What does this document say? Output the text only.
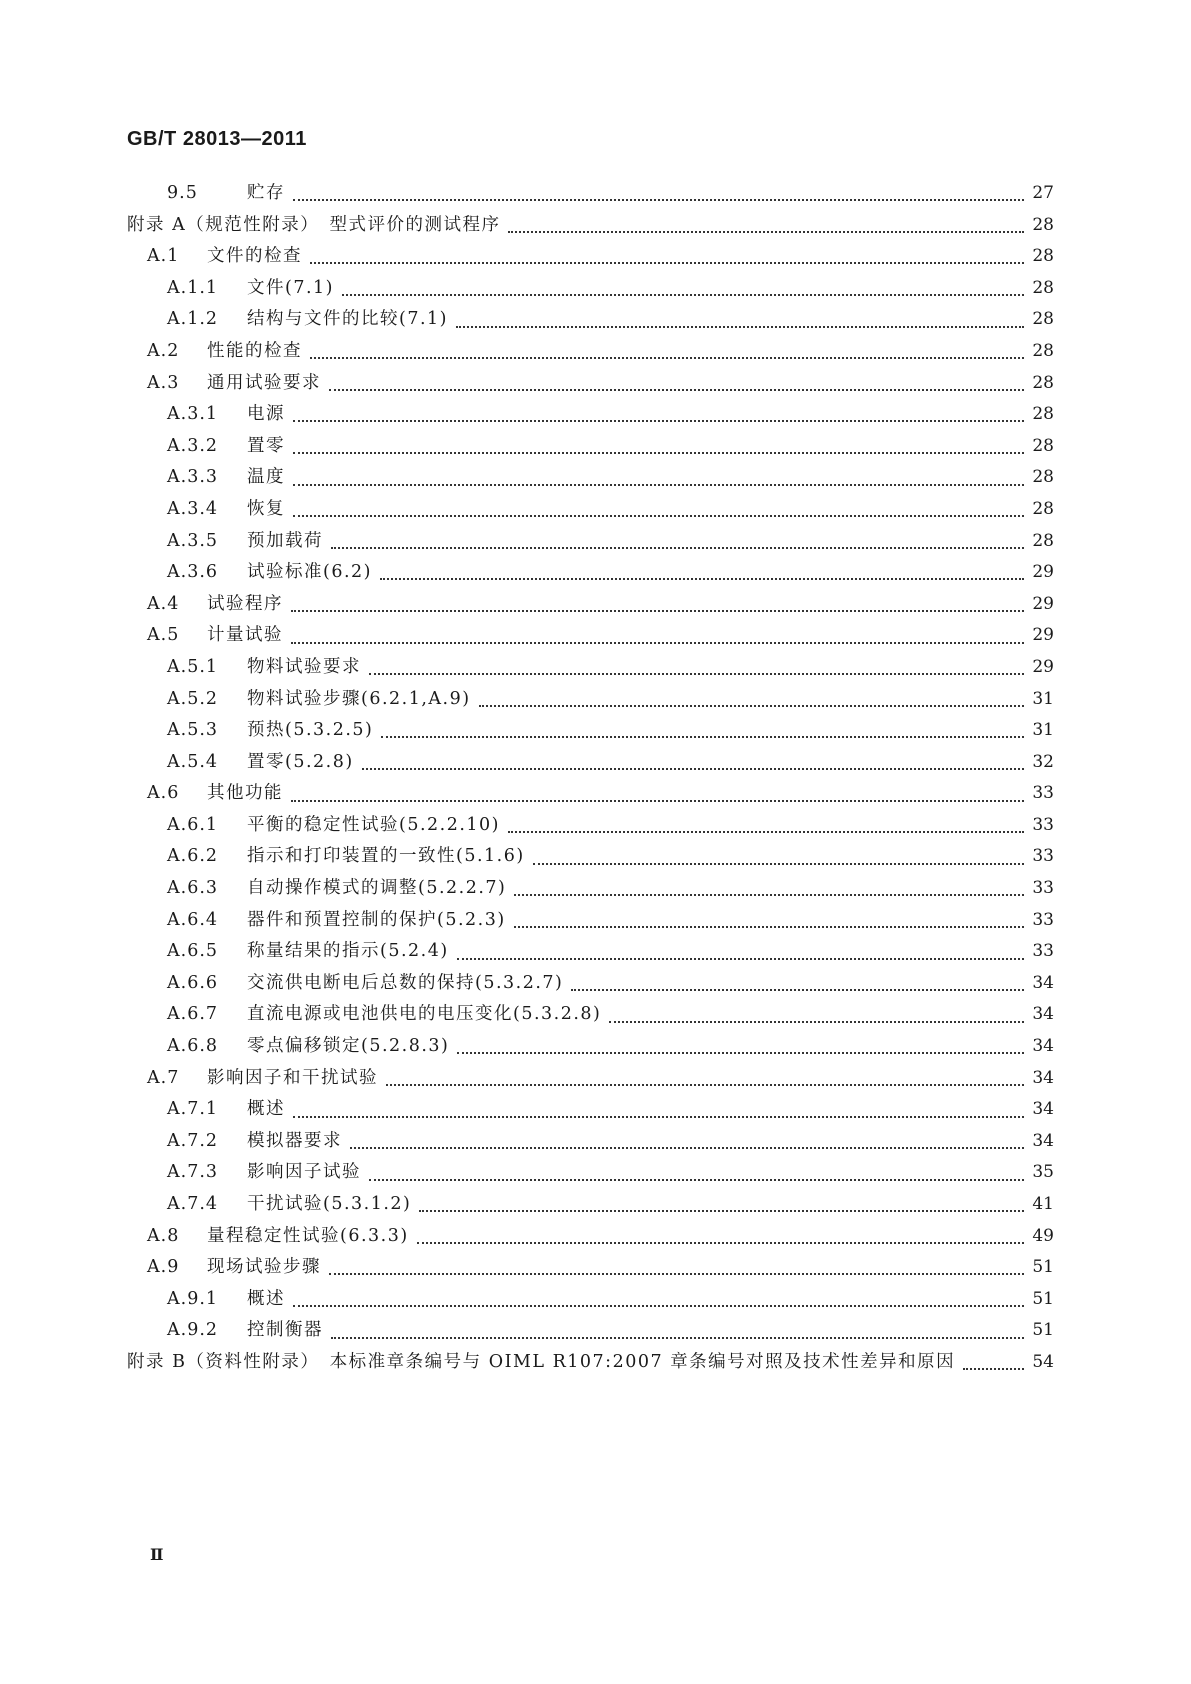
GB/T 28013—2011
9.5	贮存	27
附录 A（规范性附录）　型式评价的测试程序	28
A.1	文件的检查	28
A.1.1	文件(7.1)	28
A.1.2	结构与文件的比较(7.1)	28
A.2	性能的检查	28
A.3	通用试验要求	28
A.3.1	电源	28
A.3.2	置零	28
A.3.3	温度	28
A.3.4	恢复	28
A.3.5	预加载荷	28
A.3.6	试验标准(6.2)	29
A.4	试验程序	29
A.5	计量试验	29
A.5.1	物料试验要求	29
A.5.2	物料试验步骤(6.2.1,A.9)	31
A.5.3	预热(5.3.2.5)	31
A.5.4	置零(5.2.8)	32
A.6	其他功能	33
A.6.1	平衡的稳定性试验(5.2.2.10)	33
A.6.2	指示和打印装置的一致性(5.1.6)	33
A.6.3	自动操作模式的调整(5.2.2.7)	33
A.6.4	器件和预置控制的保护(5.2.3)	33
A.6.5	称量结果的指示(5.2.4)	33
A.6.6	交流供电断电后总数的保持(5.3.2.7)	34
A.6.7	直流电源或电池供电的电压变化(5.3.2.8)	34
A.6.8	零点偏移锁定(5.2.8.3)	34
A.7	影响因子和干扰试验	34
A.7.1	概述	34
A.7.2	模拟器要求	34
A.7.3	影响因子试验	35
A.7.4	干扰试验(5.3.1.2)	41
A.8	量程稳定性试验(6.3.3)	49
A.9	现场试验步骤	51
A.9.1	概述	51
A.9.2	控制衡器	51
附录 B（资料性附录）　本标准章条编号与 OIML R107:2007 章条编号对照及技术性差异和原因	54
Ⅱ
